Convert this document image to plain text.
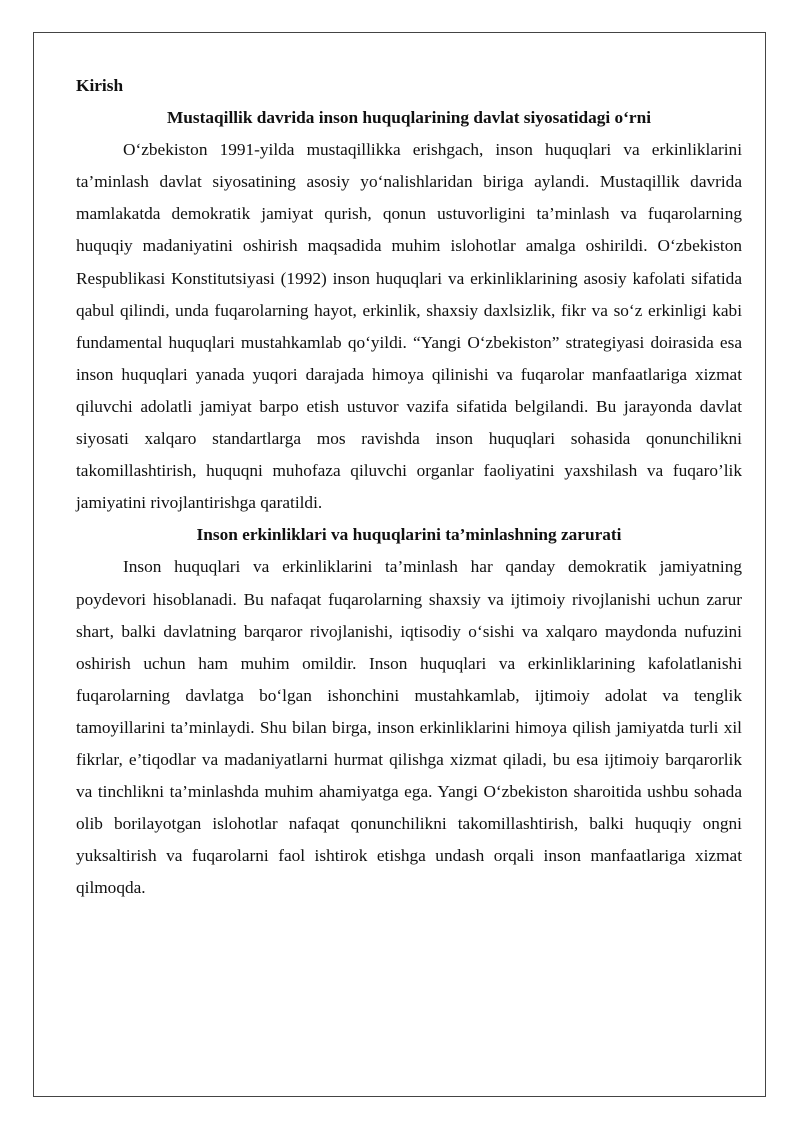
Kirish

Mustaqillik davrida inson huquqlarining davlat siyosatidagi o‘rni

O‘zbekiston 1991-yilda mustaqillikka erishgach, inson huquqlari va erkinliklarini ta’minlash davlat siyosatining asosiy yo‘nalishlaridan biriga aylandi. Mustaqillik davrida mamlakatda demokratik jamiyat qurish, qonun ustuvorligini ta’minlash va fuqarolarning huquqiy madaniyatini oshirish maqsadida muhim islohotlar amalga oshirildi. O‘zbekiston Respublikasi Konstitutsiyasi (1992) inson huquqlari va erkinliklarining asosiy kafolati sifatida qabul qilindi, unda fuqarolarning hayot, erkinlik, shaxsiy daxlsizlik, fikr va so‘z erkinligi kabi fundamental huquqlari mustahkamlab qo‘yildi. “Yangi O‘zbekiston” strategiyasi doirasida esa inson huquqlari yanada yuqori darajada himoya qilinishi va fuqarolar manfaatlariga xizmat qiluvchi adolatli jamiyat barpo etish ustuvor vazifa sifatida belgilandi. Bu jarayonda davlat siyosati xalqaro standartlarga mos ravishda inson huquqlari sohasida qonunchilikni takomillashtirish, huquqni muhofaza qiluvchi organlar faoliyatini yaxshilash va fuqaro’lik jamiyatini rivojlantirishga qaratildi.

Inson erkinliklari va huquqlarini ta’minlashning zarurati

Inson huquqlari va erkinliklarini ta’minlash har qanday demokratik jamiyatning poydevori hisoblanadi. Bu nafaqat fuqarolarning shaxsiy va ijtimoiy rivojlanishi uchun zarur shart, balki davlatning barqaror rivojlanishi, iqtisodiy o‘sishi va xalqaro maydonda nufuzini oshirish uchun ham muhim omildir. Inson huquqlari va erkinliklarining kafolatlanishi fuqarolarning davlatga bo‘lgan ishonchini mustahkamlab, ijtimoiy adolat va tenglik tamoyillarini ta’minlaydi. Shu bilan birga, inson erkinliklarini himoya qilish jamiyatda turli xil fikrlar, e’tiqodlar va madaniyatlarni hurmat qilishga xizmat qiladi, bu esa ijtimoiy barqarorlik va tinchlikni ta’minlashda muhim ahamiyatga ega. Yangi O‘zbekiston sharoitida ushbu sohada olib borilayotgan islohotlar nafaqat qonunchilikni takomillashtirish, balki huquqiy ongni yuksaltirish va fuqarolarni faol ishtirok etishga undash orqali inson manfaatlariga xizmat qilmoqda.
